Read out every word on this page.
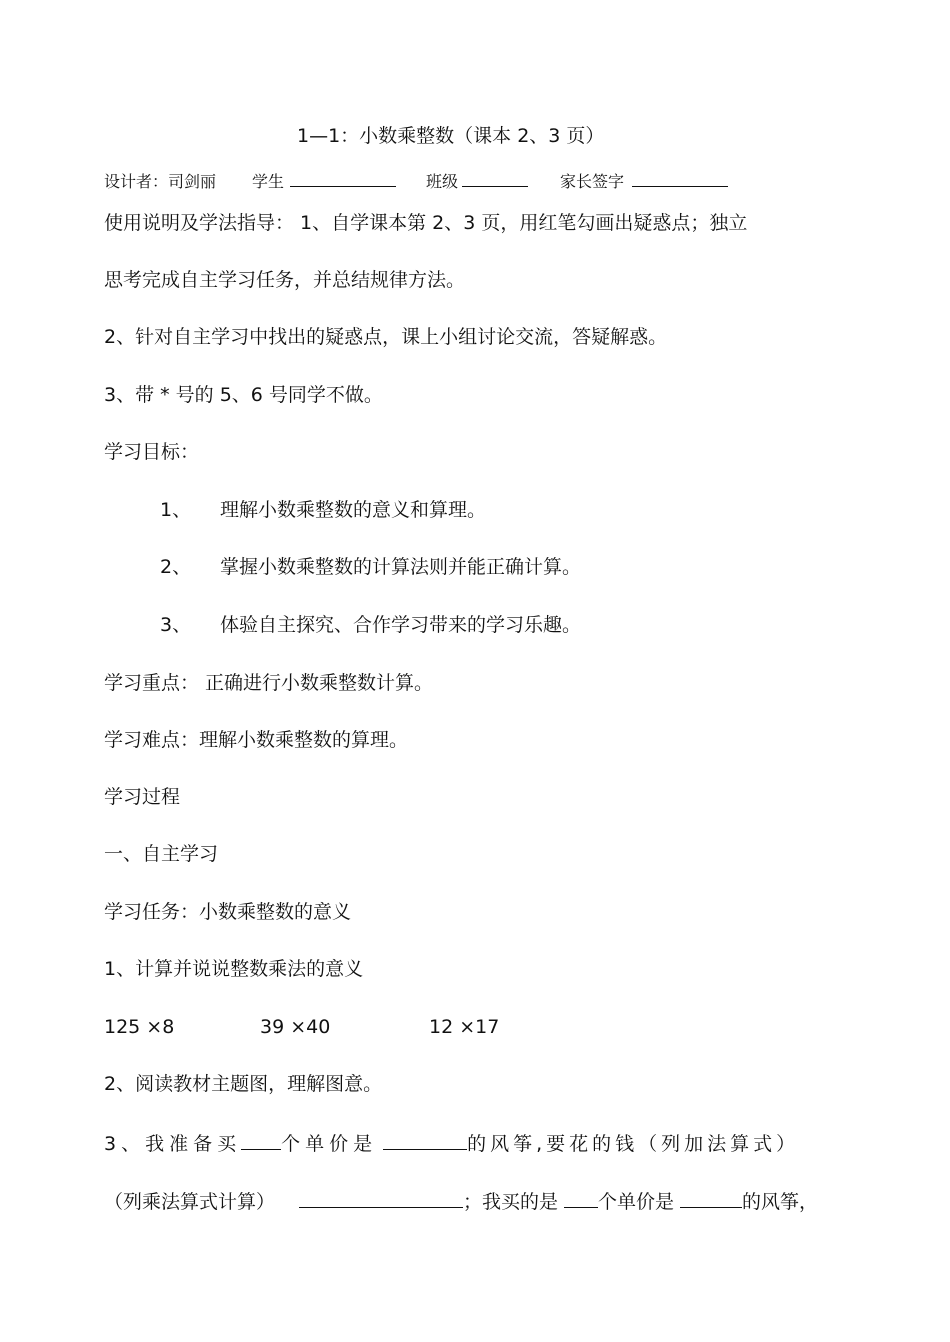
1—1：小数乘整数（课本 2、3 页）
设计者：司剑丽 学生	班级	家长签字
使用说明及学法指导： 1、自学课本第 2、3 页，用红笔勾画出疑惑点；独立
思考完成自主学习任务，并总结规律方法。
2、针对自主学习中找出的疑惑点，课上小组讨论交流，答疑解惑。
3、带 * 号的 5、6 号同学不做。
学习目标：
1、 理解小数乘整数的意义和算理。
2、 掌握小数乘整数的计算法则并能正确计算。
3、 体验自主探究、合作学习带来的学习乐趣。
学习重点： 正确进行小数乘整数计算。
学习难点：理解小数乘整数的算理。
学习过程
一、自主学习
学习任务：小数乘整数的意义
1、计算并说说整数乘法的意义
125 ×8	39 ×40	12 ×17
2、阅读教材主题图，理解图意。
3、我准备买 个单价是	的风筝,要花的钱（列加法算式）
（列乘法算式计算）	；我买的是 个单价是	的风筝，
